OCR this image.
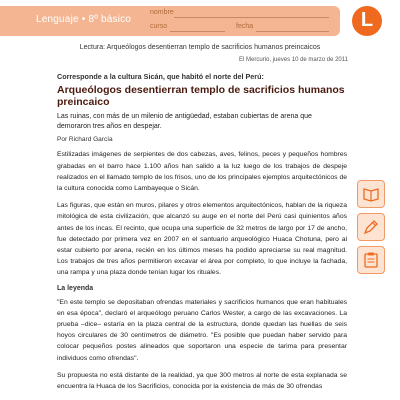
Lenguaje • 8º básico
nombre
curso	fecha	L
Lectura: Arqueólogos desentierran templo de sacrificios humanos preincaicos
El Mercurio, jueves 10 de marzo de 2011
Corresponde a la cultura Sicán, que habitó el norte del Perú:
Arqueólogos desentierran templo de sacrificios humanos preincaico
Las ruinas, con más de un milenio de antigüedad, estaban cubiertas de arena que demoraron tres años en despejar.
Por Richard García

Estilizadas imágenes de serpientes de dos cabezas, aves, felinos, peces y pequeños hombres grabadas en el barro hace 1.100 años han salido a la luz luego de los trabajos de despeje realizados en el llamado templo de los frisos, uno de los principales ejemplos arquitectónicos de la cultura conocida como Lambayeque o Sicán.

Las figuras, que están en muros, pilares y otros elementos arquitectónicos, hablan de la riqueza mitológica de esta civilización, que alcanzó su auge en el norte del Perú casi quinientos años antes de los incas. El recinto, que ocupa una superficie de 32 metros de largo por 17 de ancho, fue detectado por primera vez en 2007 en el santuario arqueológico Huaca Chotuna, pero al estar cubierto por arena, recién en los últimos meses ha podido apreciarse su real magnitud. Los trabajos de tres años permitieron excavar el área por completo, lo que incluye la fachada, una rampa y una plaza donde tenían lugar los rituales.

La leyenda

"En este templo se depositaban ofrendas materiales y sacrificios humanos que eran habituales en esa época", declaró el arqueólogo peruano Carlos Wester, a cargo de las excavaciones. La prueba –dice– estaría en la plaza central de la estructura, donde quedan las huellas de seis hoyos circulares de 30 centímetros de diámetro. "Es posible que puedan haber servido para colocar pequeños postes alineados que soportaron una especie de tarima para presentar individuos como ofrendas".

Su propuesta no está distante de la realidad, ya que 300 metros al norte de esta explanada se encuentra la Huaca de los Sacrificios, conocida por la existencia de más de 30 ofrendas
